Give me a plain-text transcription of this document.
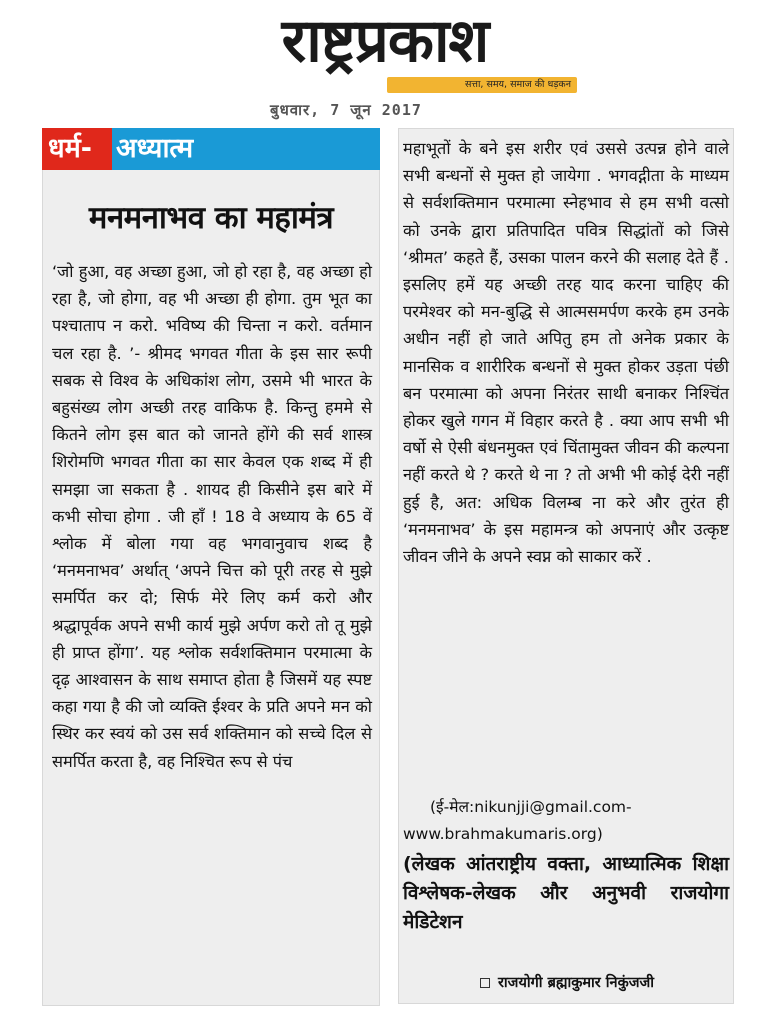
राष्ट्रप्रकाश
सत्ता, समय, समाज की धड़कन
बुधवार, 7 जून 2017
धर्म- अध्यात्म
मनमनाभव का महामंत्र
‘जो हुआ, वह अच्छा हुआ, जो हो रहा है, वह अच्छा हो रहा है, जो होगा, वह भी अच्छा ही होगा. तुम भूत का पश्चाताप न करो. भविष्य की चिन्ता न करो. वर्तमान चल रहा है. ’- श्रीमद भगवत गीता के इस सार रूपी सबक से विश्व के अधिकांश लोग, उसमे भी भारत के बहुसंख्य लोग अच्छी तरह वाकिफ है. किन्तु हममे से कितने लोग इस बात को जानते होंगे की सर्व शास्त्र शिरोमणि भगवत गीता का सार केवल एक शब्द में ही समझा जा सकता है . शायद ही किसीने इस बारे में कभी सोचा होगा . जी हाँ ! 18 वे अध्याय के 65 वें श्लोक में बोला गया वह भगवानुवाच शब्द है ‘मनमनाभव’ अर्थात् ‘अपने चित्त को पूरी तरह से मुझे समर्पित कर दो; सिर्फ मेरे लिए कर्म करो और श्रद्धापूर्वक अपने सभी कार्य मुझे अर्पण करो तो तू मुझे ही प्राप्त होंगा’. यह श्लोक सर्वशक्तिमान परमात्मा के दृढ़ आश्वासन के साथ समाप्त होता है जिसमें यह स्पष्ट कहा गया है की जो व्यक्ति ईश्वर के प्रति अपने मन को स्थिर कर स्वयं को उस सर्व शक्तिमान को सच्चे दिल से समर्पित करता है, वह निश्चित रूप से पंच
महाभूतों के बने इस शरीर एवं उससे उत्पन्न होने वाले सभी बन्धनों से मुक्त हो जायेगा . भगवद्गीता के माध्यम से सर्वशक्तिमान परमात्मा स्नेहभाव से हम सभी वत्सो को उनके द्वारा प्रतिपादित पवित्र सिद्धांतों को जिसे ‘श्रीमत’ कहते हैं, उसका पालन करने की सलाह देते हैं . इसलिए हमें यह अच्छी तरह याद करना चाहिए की परमेश्वर को मन-बुद्धि से आत्मसमर्पण करके हम उनके अधीन नहीं हो जाते अपितु हम तो अनेक प्रकार के मानसिक व शारीरिक बन्धनों से मुक्त होकर उड़ता पंछी बन परमात्मा को अपना निरंतर साथी बनाकर निश्चिंत होकर खुले गगन में विहार करते है . क्या आप सभी भी वर्षो से ऐसी बंधनमुक्त एवं चिंतामुक्त जीवन की कल्पना नहीं करते थे ? करते थे ना ? तो अभी भी कोई देरी नहीं हुई है, अत: अधिक विलम्ब ना करे और तुरंत ही ‘मनमनाभव’ के इस महामन्त्र को अपनाएं और उत्कृष्ट जीवन जीने के अपने स्वप्न को साकार करें .
(ई-मेल:nikunjji@gmail.com-
www.brahmakumaris.org)
(लेखक आंतराष्ट्रीय वक्ता, आध्यात्मिक शिक्षा विश्लेषक-लेखक और अनुभवी राजयोगा मेडिटेशन
राजयोगी ब्रह्माकुमार निकुंजजी
